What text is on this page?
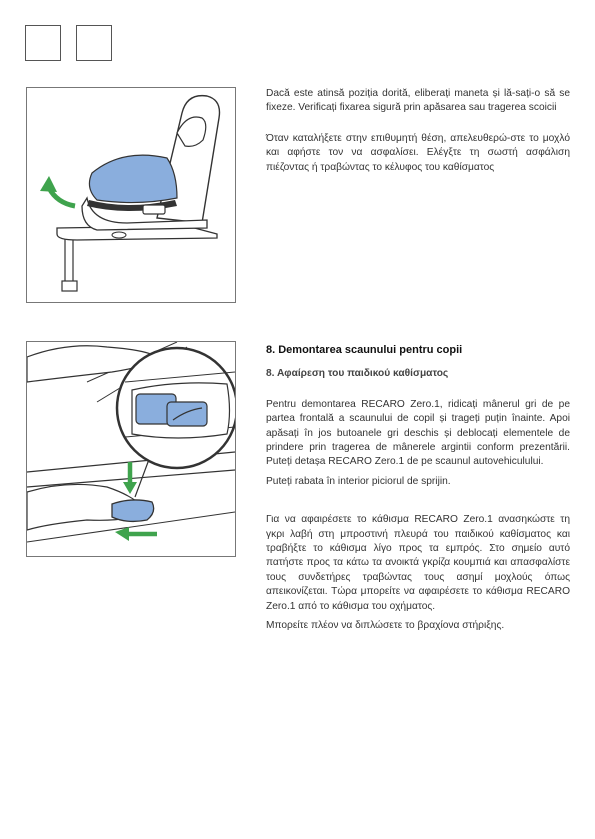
Dacă este atinsă poziția dorită, eliberați maneta și lă-sați-o să se fixeze. Verificați fixarea sigură prin apăsarea sau tragerea scoicii

Όταν καταλήξετε στην επιθυμητή θέση, απελευθερώ-στε το μοχλό και αφήστε τον να ασφαλίσει. Ελέγξτε τη σωστή ασφάλιση πιέζοντας ή τραβώντας το κέλυφος του καθίσματος

8. Demontarea scaunului pentru copii

8. Αφαίρεση του παιδικού καθίσματος

Pentru demontarea RECARO Zero.1, ridicați mânerul gri de pe partea frontală a scaunului de copil și trageți puțin înainte. Apoi apăsați în jos butoanele gri deschis și deblocați elementele de prindere prin tragerea de mânerele argintii conform prezentării. Puteți detașa RECARO Zero.1 de pe scaunul autovehiculului.

Puteți rabata în interior piciorul de sprijin.

Για να αφαιρέσετε το κάθισμα RECARO Zero.1 ανασηκώστε τη γκρι λαβή στη μπροστινή πλευρά του παιδικού καθίσματος και τραβήξτε το κάθισμα λίγο προς τα εμπρός. Στο σημείο αυτό πατήστε προς τα κάτω τα ανοικτά γκρίζα κουμπιά και απασφαλίστε τους συνδετήρες τραβώντας τους ασημί μοχλούς όπως απεικονίζεται. Τώρα μπορείτε να αφαιρέσετε το κάθισμα RECARO Zero.1 από το κάθισμα του οχήματος.

Μπορείτε πλέον να διπλώσετε το βραχίονα στήριξης.
